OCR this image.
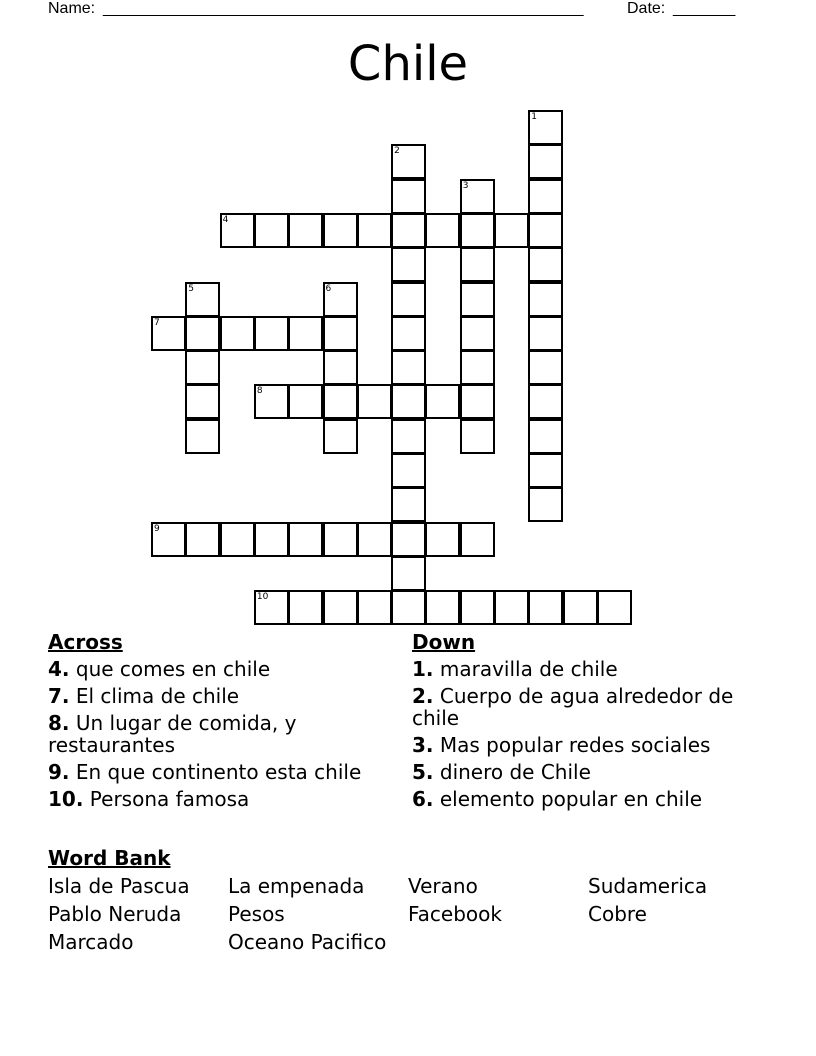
Name: ______________________________________________________	Date: _______
Chile
1
2
3
4
5	6
7
8
9
10
Across

4. que comes en chile

7. El clima de chile

8. Un lugar de comida, y restaurantes

9. En que continento esta chile

10. Persona famosa

Down

1. maravilla de chile

2. Cuerpo de agua alrededor de chile

3. Mas popular redes sociales

5. dinero de Chile

6. elemento popular en chile

Word Bank
Isla de Pascua	La empenada	Verano	Sudamerica
Pablo Neruda	Pesos	Facebook	Cobre
Marcado	Oceano Pacifico
